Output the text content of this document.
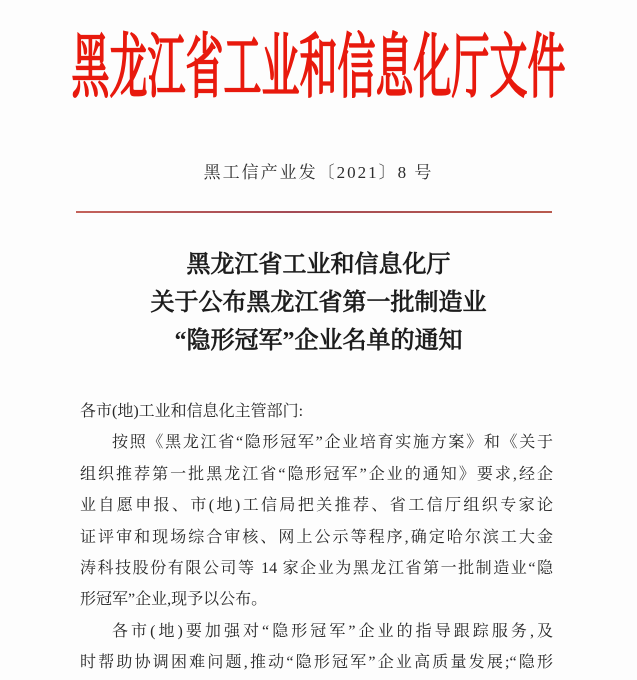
黑龙江省工业和信息化厅文件
黑工信产业发〔2021〕8 号
黑龙江省工业和信息化厅
关于公布黑龙江省第一批制造业
“隐形冠军”企业名单的通知
各市(地)工业和信息化主管部门:
按照《黑龙江省“隐形冠军”企业培育实施方案》和《关于
组织推荐第一批黑龙江省“隐形冠军”企业的通知》要求,经企
业自愿申报、市(地)工信局把关推荐、省工信厅组织专家论
证评审和现场综合审核、网上公示等程序,确定哈尔滨工大金
涛科技股份有限公司等 14 家企业为黑龙江省第一批制造业“隐
形冠军”企业,现予以公布。
各市(地)要加强对“隐形冠军”企业的指导跟踪服务,及
时帮助协调困难问题,推动“隐形冠军”企业高质量发展;“隐形
